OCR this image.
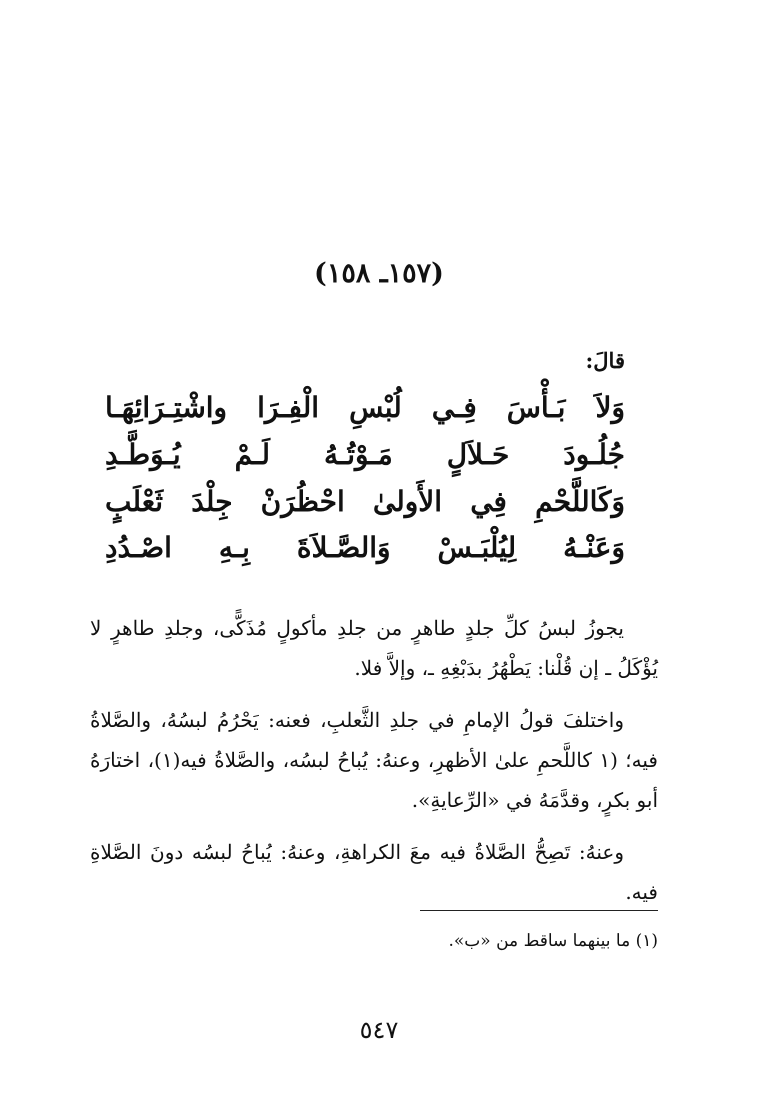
(١٥٧ـ ١٥٨)
قالَ:
وَلاَ بَـأْسَ فِـي لُبْسِ الْفِـرَا واشْتِـرَائِهَـا
جُلُـودَ حَـلاَلٍ مَـوْتُـهُ لَـمْ يُـوَطَّـدِ
وَكَاللَّحْمِ فِي الأَولىٰ احْظُرَنْ جِلْدَ ثَعْلَبٍ
وَعَنْـهُ لِيُلْبَـسْ وَالصَّـلاَةَ بِـهِ اصْـدُدِ

يجوزُ لبسُ كلِّ جلدٍ طاهرٍ من جلدِ مأكولٍ مُذَكًّى، وجلدِ طاهرٍ لا يُؤْكَلُ ـ إن قُلْنا: يَطْهُرُ بدَبْغِهِ ـ، وإلاَّ فلا.

واختلفَ قولُ الإمامِ في جلدِ الثَّعلبِ، فعنه: يَحْرُمُ لبسُهُ، والصَّلاةُ فيه؛ (١ كاللَّحمِ علىٰ الأظهرِ، وعنهُ: يُباحُ لبسُه، والصَّلاةُ فيه(١)، اختارَهُ أبو بكرٍ، وقدَّمَهُ في «الرِّعايةِ».

وعنهُ: تَصِحُّ الصَّلاةُ فيه معَ الكراهةِ، وعنهُ: يُباحُ لبسُه دونَ الصَّلاةِ فيه.

(١) ما بينهما ساقط من «ب».
٥٤٧
